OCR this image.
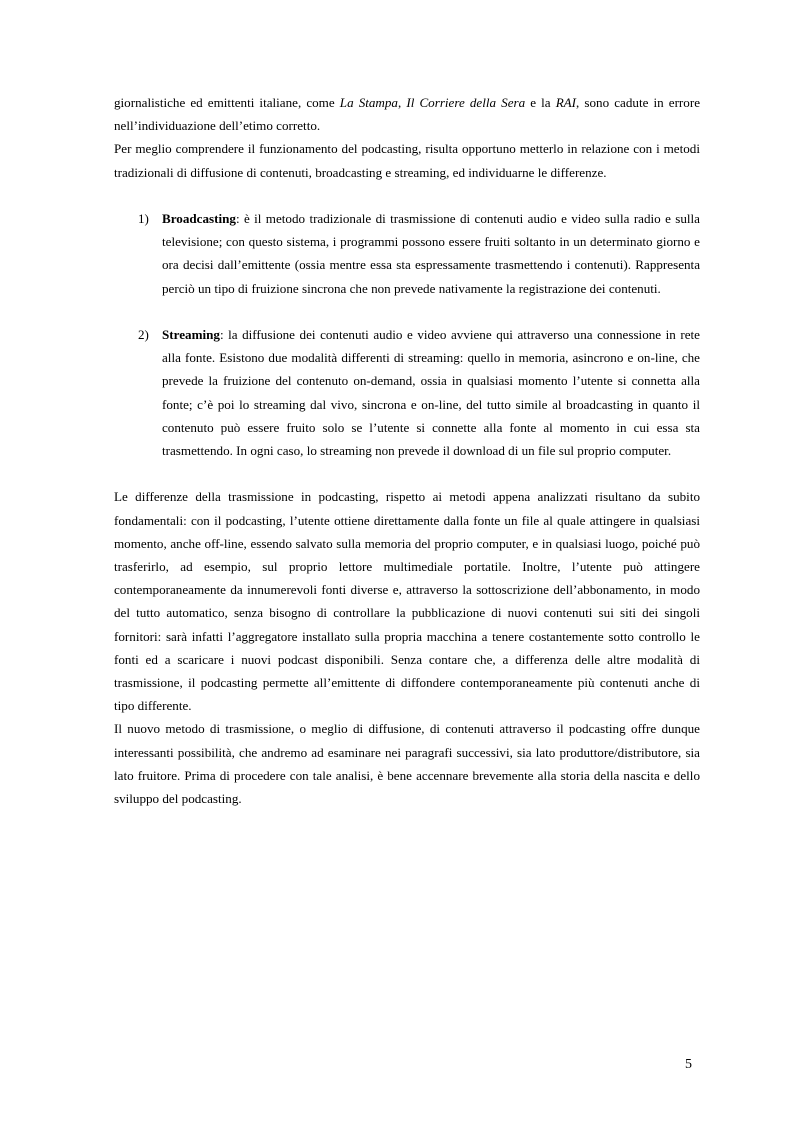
giornalistiche ed emittenti italiane, come La Stampa, Il Corriere della Sera e la RAI, sono cadute in errore nell’individuazione dell’etimo corretto.

Per meglio comprendere il funzionamento del podcasting, risulta opportuno metterlo in relazione con i metodi tradizionali di diffusione di contenuti, broadcasting e streaming, ed individuarne le differenze.

1) Broadcasting: è il metodo tradizionale di trasmissione di contenuti audio e video sulla radio e sulla televisione; con questo sistema, i programmi possono essere fruiti soltanto in un determinato giorno e ora decisi dall’emittente (ossia mentre essa sta espressamente trasmettendo i contenuti). Rappresenta perciò un tipo di fruizione sincrona che non prevede nativamente la registrazione dei contenuti.
2) Streaming: la diffusione dei contenuti audio e video avviene qui attraverso una connessione in rete alla fonte. Esistono due modalità differenti di streaming: quello in memoria, asincrono e on-line, che prevede la fruizione del contenuto on-demand, ossia in qualsiasi momento l’utente si connetta alla fonte; c’è poi lo streaming dal vivo, sincrona e on-line, del tutto simile al broadcasting in quanto il contenuto può essere fruito solo se l’utente si connette alla fonte al momento in cui essa sta trasmettendo. In ogni caso, lo streaming non prevede il download di un file sul proprio computer.

Le differenze della trasmissione in podcasting, rispetto ai metodi appena analizzati risultano da subito fondamentali: con il podcasting, l’utente ottiene direttamente dalla fonte un file al quale attingere in qualsiasi momento, anche off-line, essendo salvato sulla memoria del proprio computer, e in qualsiasi luogo, poiché può trasferirlo, ad esempio, sul proprio lettore multimediale portatile. Inoltre, l’utente può attingere contemporaneamente da innumerevoli fonti diverse e, attraverso la sottoscrizione dell’abbonamento, in modo del tutto automatico, senza bisogno di controllare la pubblicazione di nuovi contenuti sui siti dei singoli fornitori: sarà infatti l’aggregatore installato sulla propria macchina a tenere costantemente sotto controllo le fonti ed a scaricare i nuovi podcast disponibili. Senza contare che, a differenza delle altre modalità di trasmissione, il podcasting permette all’emittente di diffondere contemporaneamente più contenuti anche di tipo differente.

Il nuovo metodo di trasmissione, o meglio di diffusione, di contenuti attraverso il podcasting offre dunque interessanti possibilità, che andremo ad esaminare nei paragrafi successivi, sia lato produttore/distributore, sia lato fruitore. Prima di procedere con tale analisi, è bene accennare brevemente alla storia della nascita e dello sviluppo del podcasting.

5
